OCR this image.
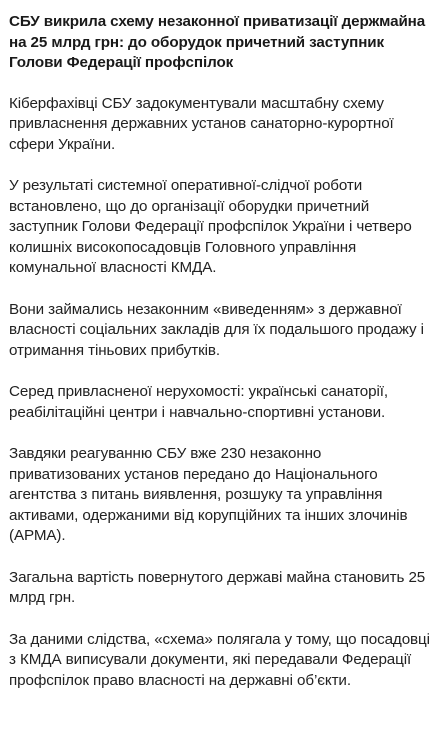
СБУ викрила схему незаконної приватизації держмайна на 25 млрд грн: до оборудок причетний заступник Голови Федерації профспілок

Кіберфахівці СБУ задокументували масштабну схему привласнення державних установ санаторно-курортної сфери України.

У результаті системної оперативної-слідчої роботи встановлено, що до організації оборудки причетний заступник Голови Федерації профспілок України і четверо колишніх високопосадовців Головного управління комунальної власності КМДА.

Вони займались незаконним «виведенням» з державної власності соціальних закладів для їх подальшого продажу і отримання тіньових прибутків.

Серед привласненої нерухомості: українські санаторії, реабілітаційні центри і навчально-спортивні установи.

Завдяки реагуванню СБУ вже 230 незаконно приватизованих установ передано до Національного агентства з питань виявлення, розшуку та управління активами, одержаними від корупційних та інших злочинів (АРМА).

Загальна вартість повернутого державі майна становить 25 млрд грн.

За даними слідства, «схема» полягала у тому, що посадовці з КМДА виписували документи, які передавали Федерації профспілок право власності на державні об’єкти.
